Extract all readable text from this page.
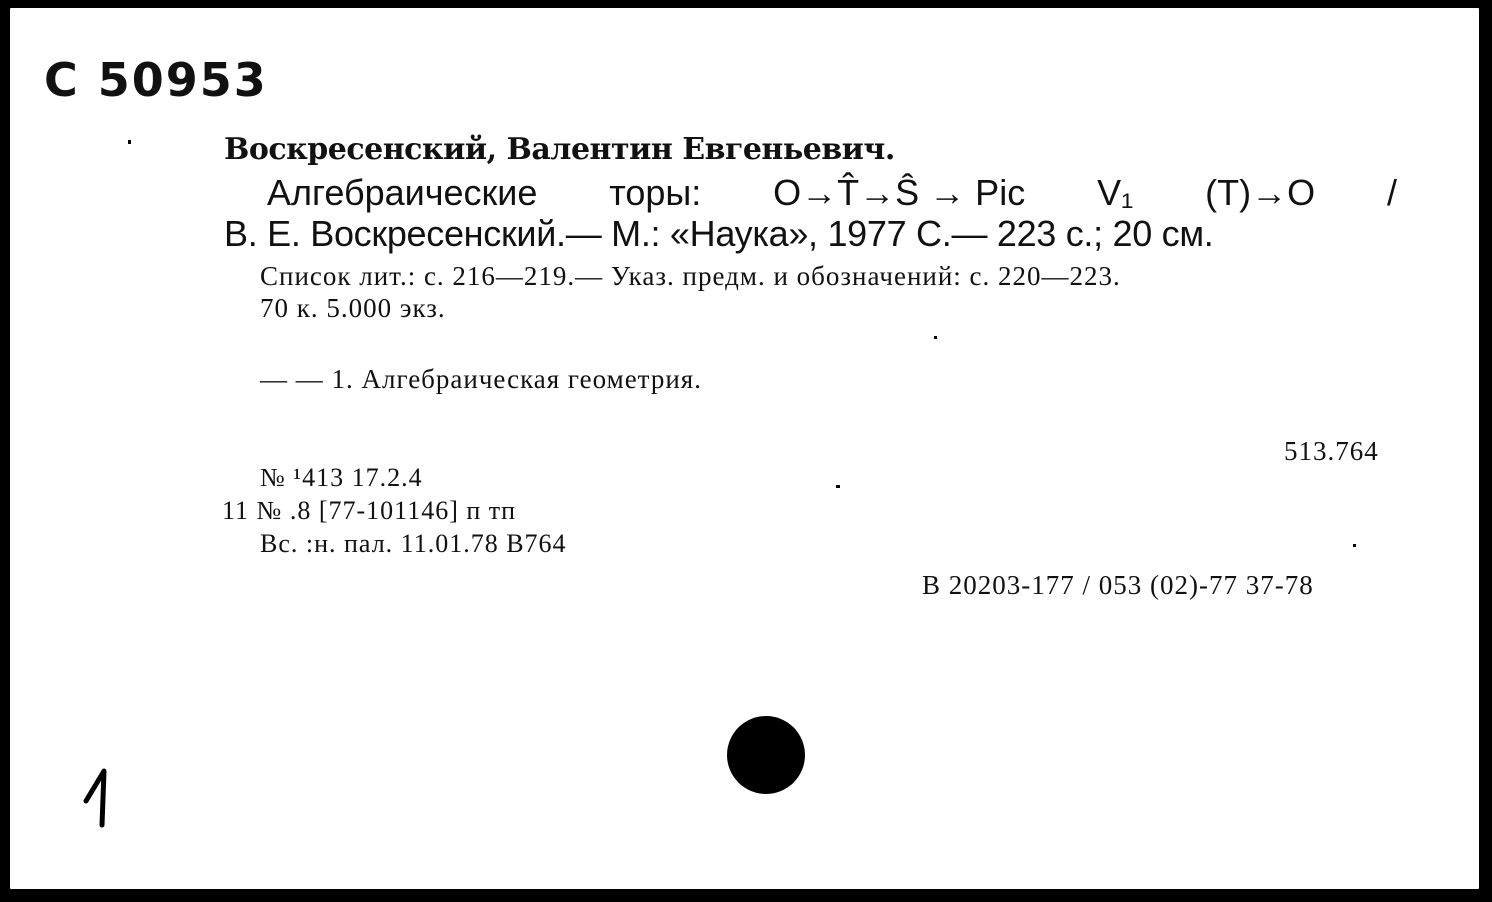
С 50953
Воскресенский, Валентин Евгеньевич.
Алгебраические торы: O→T̂→Ŝ → Pic V₁ (T)→O /
В. Е. Воскресенский.— М.: «Наука», 1977 С.— 223 с.; 20 см.
Список лит.: с. 216—219.— Указ. предм. и обозначений: с. 220—223.
70 к. 5.000 экз.
— — 1. Алгебраическая геометрия.
513.764
№ ¹413 17.2.4
11 № .8 [77-101146] п тп
Вс. :н. пал. 11.01.78 В764
В 20203-177 / 053 (02)-77 37-78
